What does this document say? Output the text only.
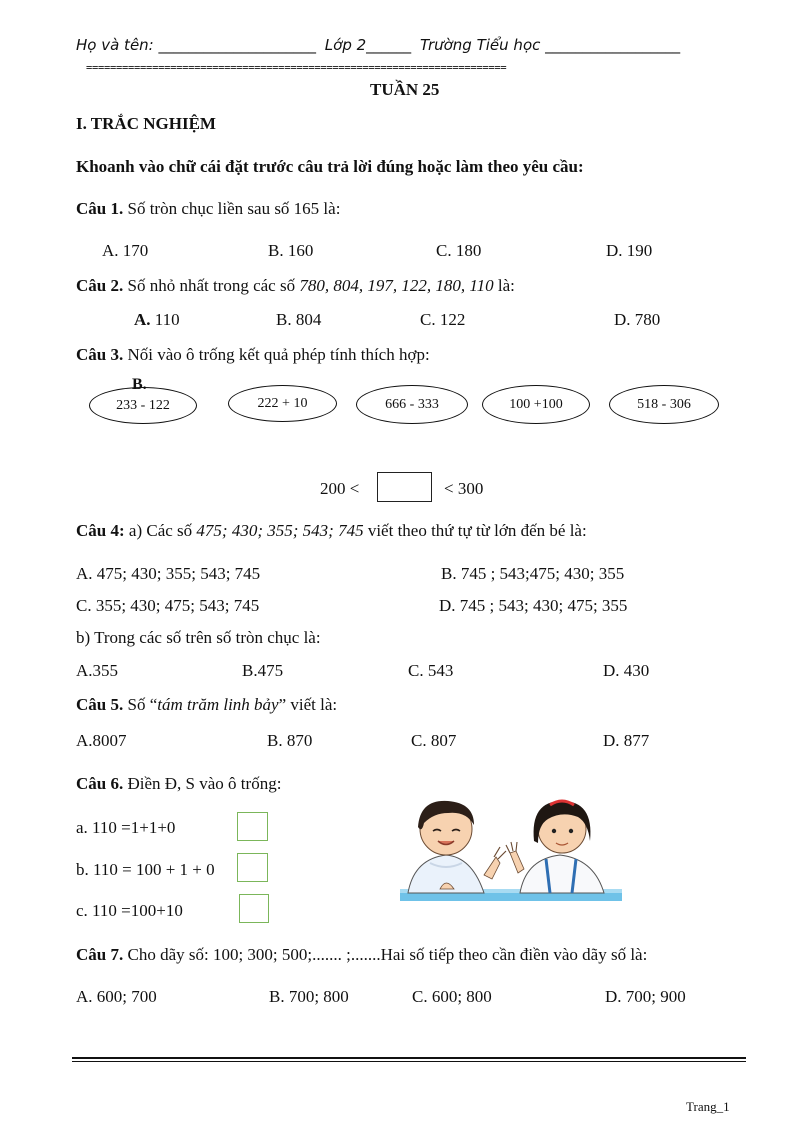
Họ và tên: _____________________ Lớp 2______ Trường Tiểu học __________________
======================================================================
TUẦN 25
I. TRẮC NGHIỆM
Khoanh vào chữ cái đặt trước câu trả lời đúng hoặc làm theo yêu cầu:
Câu 1. Số tròn chục liền sau số 165 là:
A. 170	B. 160	C. 180	D. 190
Câu 2. Số nhỏ nhất trong các số 780, 804, 197, 122, 180, 110 là:
A. 110	B. 804	C. 122	D. 780
Câu 3. Nối vào ô trống kết quả phép tính thích hợp:
B.
233 - 122	222 + 10	666 - 333	100 +100	518 - 306
200 <	< 300
Câu 4: a) Các số 475; 430; 355; 543; 745 viết theo thứ tự từ lớn đến bé là:
A. 475; 430; 355; 543; 745	B. 745 ; 543;475; 430; 355
C. 355; 430; 475; 543; 745	D. 745 ; 543; 430; 475; 355
b) Trong các số trên số tròn chục là:
A.355	B.475	C. 543	D. 430
Câu 5. Số “tám trăm linh bảy” viết là:
A.8007	B. 870	C. 807	D. 877
Câu 6. Điền Đ, S vào ô trống:
a. 110 =1+1+0
b. 110 = 100 + 1 + 0
c. 110 =100+10
Câu 7. Cho dãy số: 100; 300; 500;....... ;.......Hai số tiếp theo cần điền vào dãy số là:
A. 600; 700	B. 700; 800	C. 600; 800	D. 700; 900
Trang_1
